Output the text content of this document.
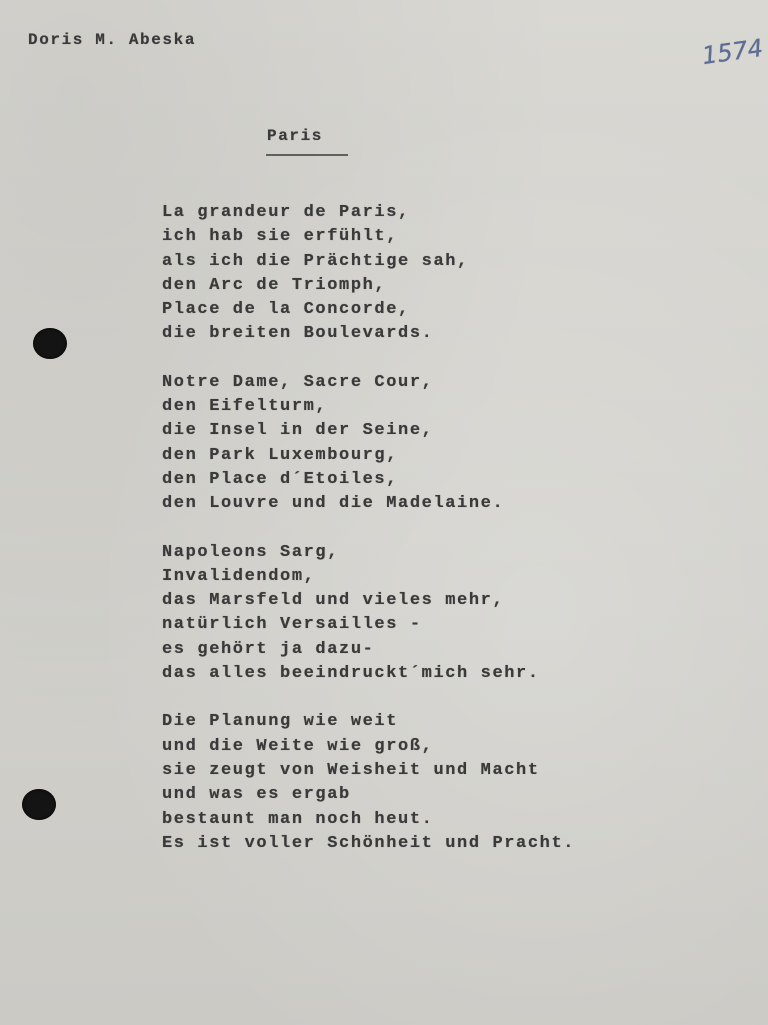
Doris M. Abeska	1574
Paris
La grandeur de Paris,
ich hab sie erfühlt,
als ich die Prächtige sah,
den Arc de Triomph,
Place de la Concorde,
die breiten Boulevards.
Notre Dame, Sacre Cour,
den Eifelturm,
die Insel in der Seine,
den Park Luxembourg,
den Place d´Etoiles,
den Louvre und die Madelaine.
Napoleons Sarg,
Invalidendom,
das Marsfeld und vieles mehr,
natürlich Versailles -
es gehört ja dazu-
das alles beeindruckt´mich sehr.
Die Planung wie weit
und die Weite wie groß,
sie zeugt von Weisheit und Macht
und was es ergab
bestaunt man noch heut.
Es ist voller Schönheit und Pracht.
